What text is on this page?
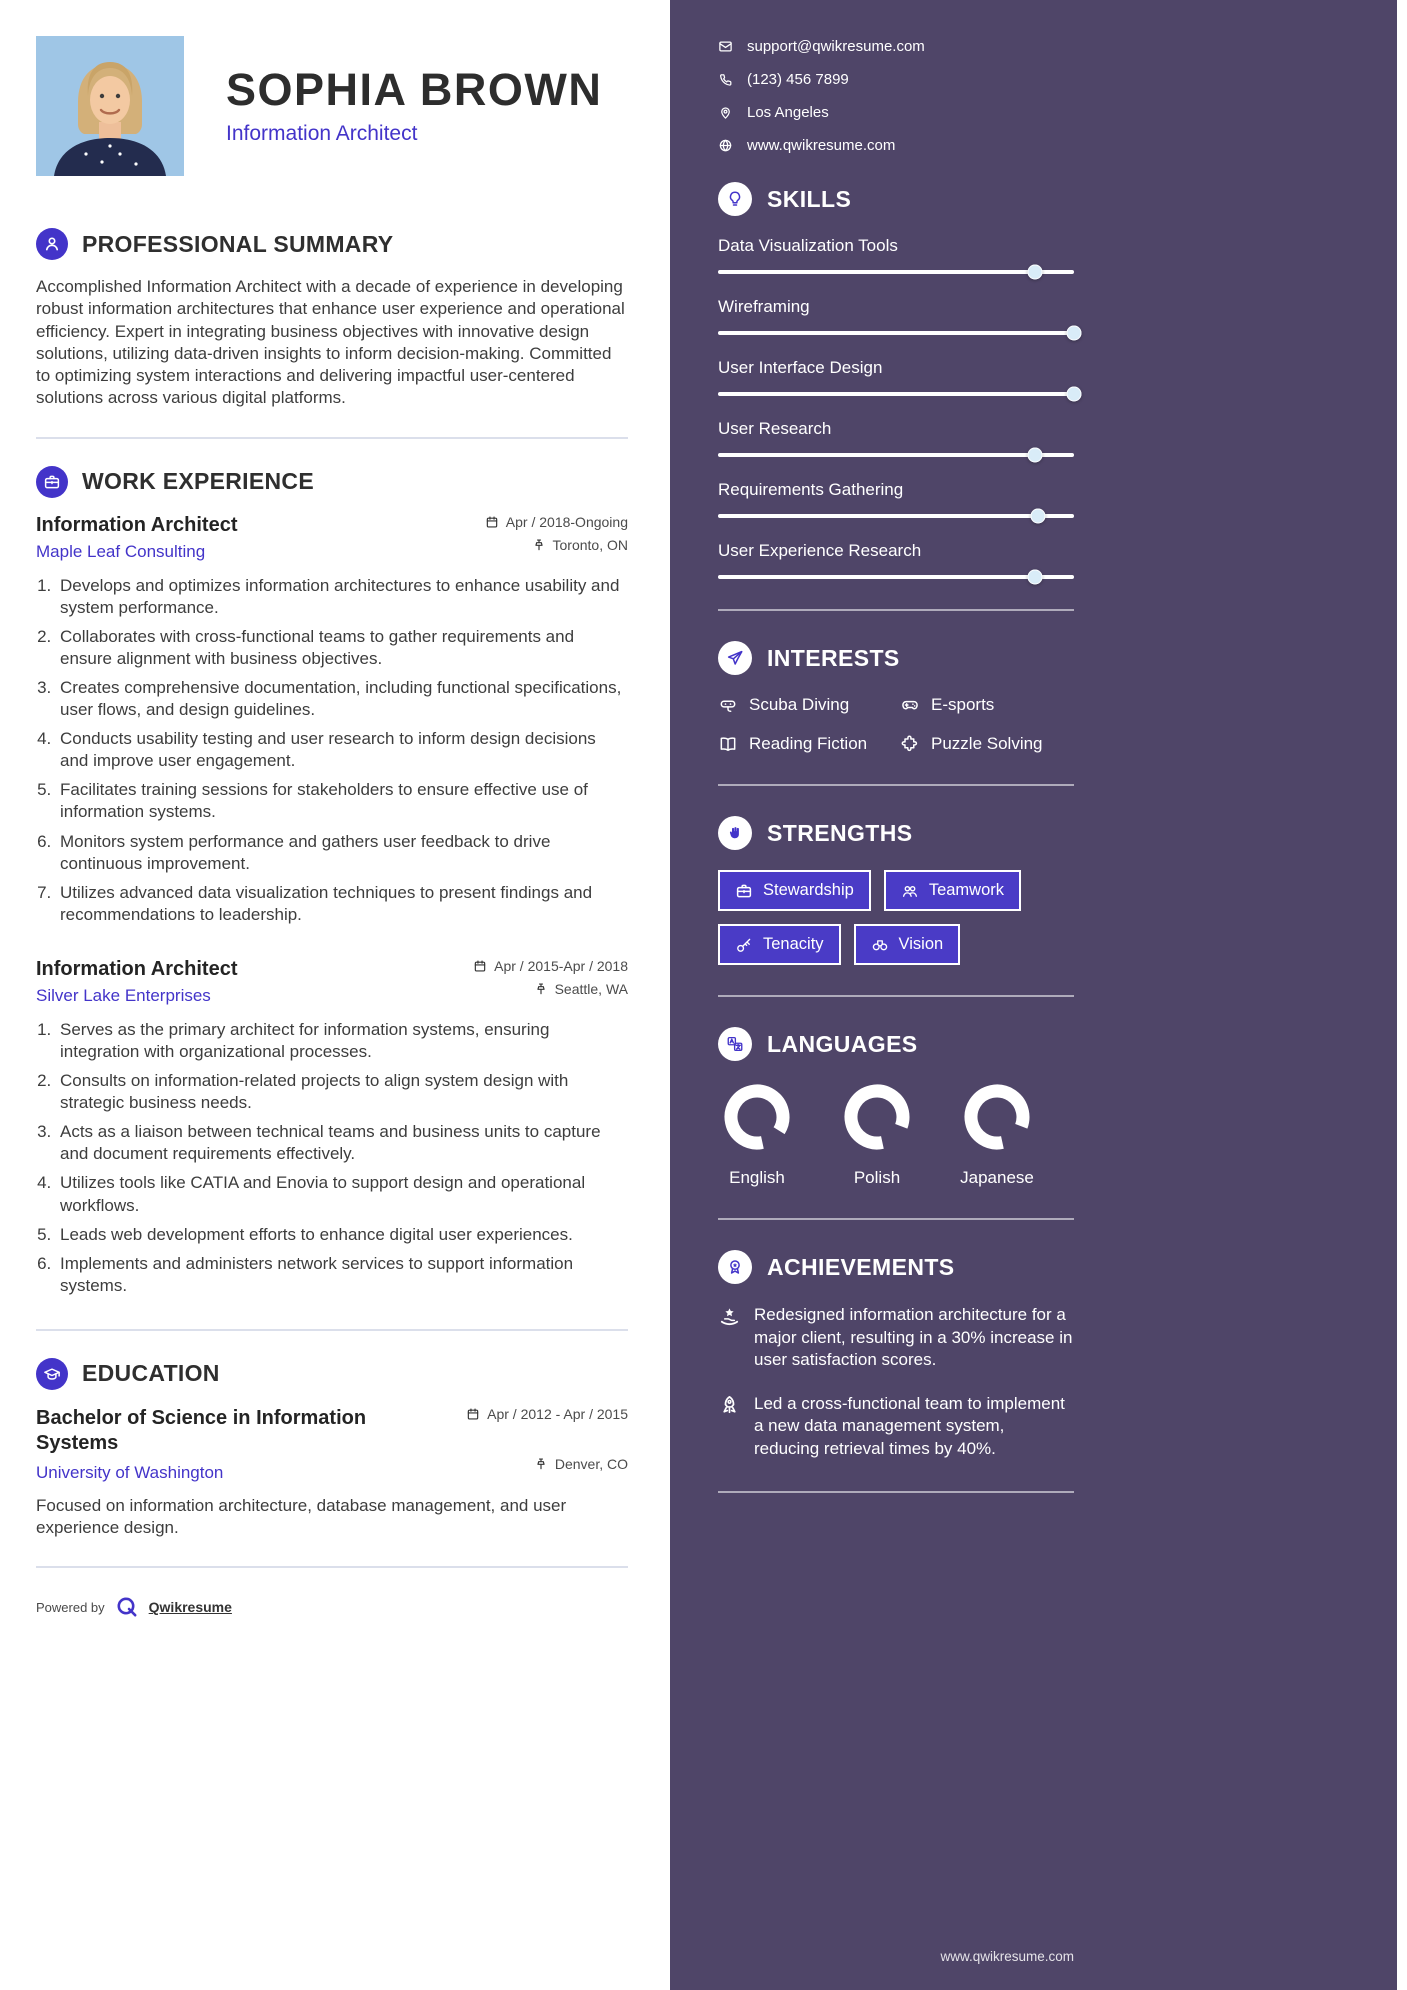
SOPHIA BROWN
Information Architect
PROFESSIONAL SUMMARY

Accomplished Information Architect with a decade of experience in developing robust information architectures that enhance user experience and operational efficiency. Expert in integrating business objectives with innovative design solutions, utilizing data-driven insights to inform decision-making. Committed to optimizing system interactions and delivering impactful user-centered solutions across various digital platforms.

WORK EXPERIENCE
Information Architect	Apr / 2018-Ongoing
Maple Leaf Consulting	Toronto, ON
1. Develops and optimizes information architectures to enhance usability and system performance.
2. Collaborates with cross-functional teams to gather requirements and ensure alignment with business objectives.
3. Creates comprehensive documentation, including functional specifications, user flows, and design guidelines.
4. Conducts usability testing and user research to inform design decisions and improve user engagement.
5. Facilitates training sessions for stakeholders to ensure effective use of information systems.
6. Monitors system performance and gathers user feedback to drive continuous improvement.
7. Utilizes advanced data visualization techniques to present findings and recommendations to leadership.
Information Architect	Apr / 2015-Apr / 2018
Silver Lake Enterprises	Seattle, WA
1. Serves as the primary architect for information systems, ensuring integration with organizational processes.
2. Consults on information-related projects to align system design with strategic business needs.
3. Acts as a liaison between technical teams and business units to capture and document requirements effectively.
4. Utilizes tools like CATIA and Enovia to support design and operational workflows.
5. Leads web development efforts to enhance digital user experiences.
6. Implements and administers network services to support information systems.
EDUCATION
Bachelor of Science in Information Systems
Apr / 2012 - Apr / 2015
University of Washington	Denver, CO

Focused on information architecture, database management, and user experience design.

Powered by	Qwikresume
support@qwikresume.com
(123) 456 7899
Los Angeles
www.qwikresume.com
SKILLS
Data Visualization Tools
Wireframing
User Interface Design
User Research
Requirements Gathering
User Experience Research
INTERESTS
Scuba Diving	E-sports
Reading Fiction	Puzzle Solving
STRENGTHS
Stewardship	Teamwork
Tenacity	Vision
LANGUAGES
English	Polish	Japanese
ACHIEVEMENTS

Redesigned information architecture for a major client, resulting in a 30% increase in user satisfaction scores.

Led a cross-functional team to implement a new data management system, reducing retrieval times by 40%.

www.qwikresume.com
